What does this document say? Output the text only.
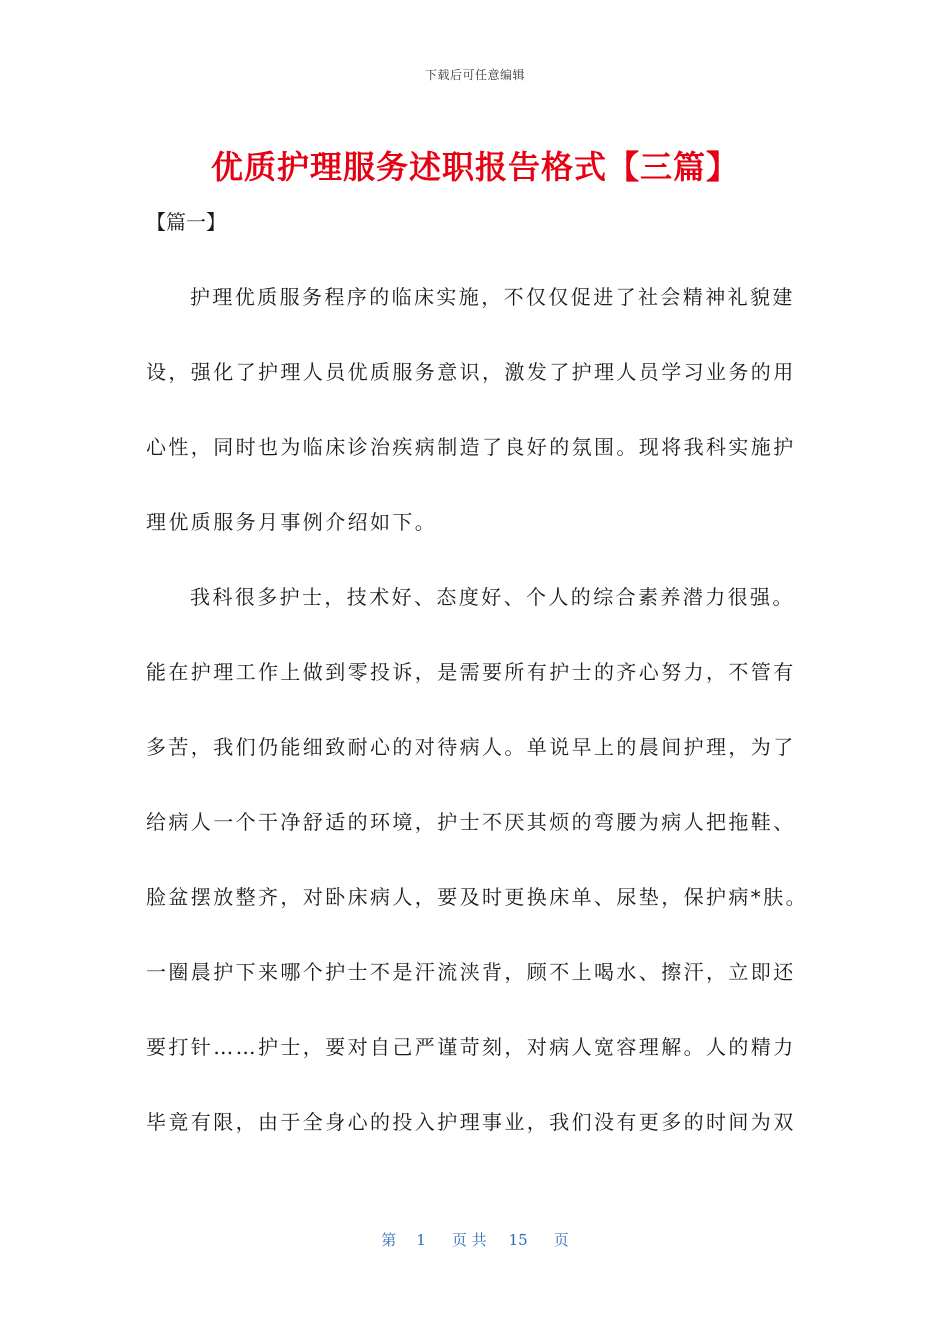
下载后可任意编辑
优质护理服务述职报告格式【三篇】
【篇一】
护理优质服务程序的临床实施，不仅仅促进了社会精神礼貌建
设，强化了护理人员优质服务意识，激发了护理人员学习业务的用
心性，同时也为临床诊治疾病制造了良好的氛围。现将我科实施护
理优质服务月事例介绍如下。
我科很多护士，技术好、态度好、个人的综合素养潜力很强。
能在护理工作上做到零投诉，是需要所有护士的齐心努力，不管有
多苦，我们仍能细致耐心的对待病人。单说早上的晨间护理，为了
给病人一个干净舒适的环境，护士不厌其烦的弯腰为病人把拖鞋、
脸盆摆放整齐，对卧床病人，要及时更换床单、尿垫，保护病*肤。
一圈晨护下来哪个护士不是汗流浃背，顾不上喝水、擦汗，立即还
要打针……护士，要对自己严谨苛刻，对病人宽容理解。人的精力
毕竟有限，由于全身心的投入护理事业，我们没有更多的时间为双
第 1 页 共 15 页
